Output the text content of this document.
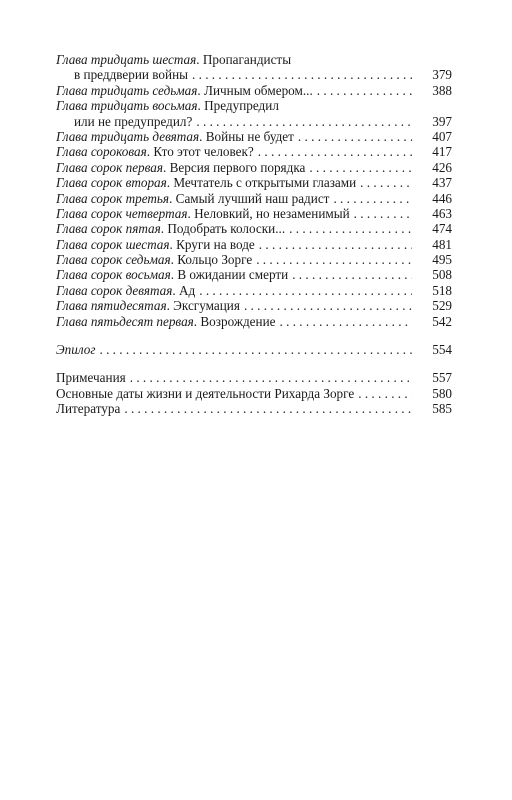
Глава тридцать шестая. Пропагандисты
в преддверии войны . . .	379
Глава тридцать седьмая. Личным обмером... . . .	388
Глава тридцать восьмая. Предупредил
или не предупредил? . . .	397
Глава тридцать девятая. Войны не будет . . .	407
Глава сороковая. Кто этот человек? . . .	417
Глава сорок первая. Версия первого порядка . . .	426
Глава сорок вторая. Мечтатель с открытыми глазами . . .	437
Глава сорок третья. Самый лучший наш радист . . .	446
Глава сорок четвертая. Неловкий, но незаменимый . . .	463
Глава сорок пятая. Подобрать колоски... . . .	474
Глава сорок шестая. Круги на воде . . .	481
Глава сорок седьмая. Кольцо Зорге . . .	495
Глава сорок восьмая. В ожидании смерти . . .	508
Глава сорок девятая. Ад . . .	518
Глава пятидесятая. Эксгумация . . .	529
Глава пятьдесят первая. Возрождение . . .	542
Эпилог . . .	554
Примечания . . .	557
Основные даты жизни и деятельности Рихарда Зорге . . .	580
Литература . . .	585
